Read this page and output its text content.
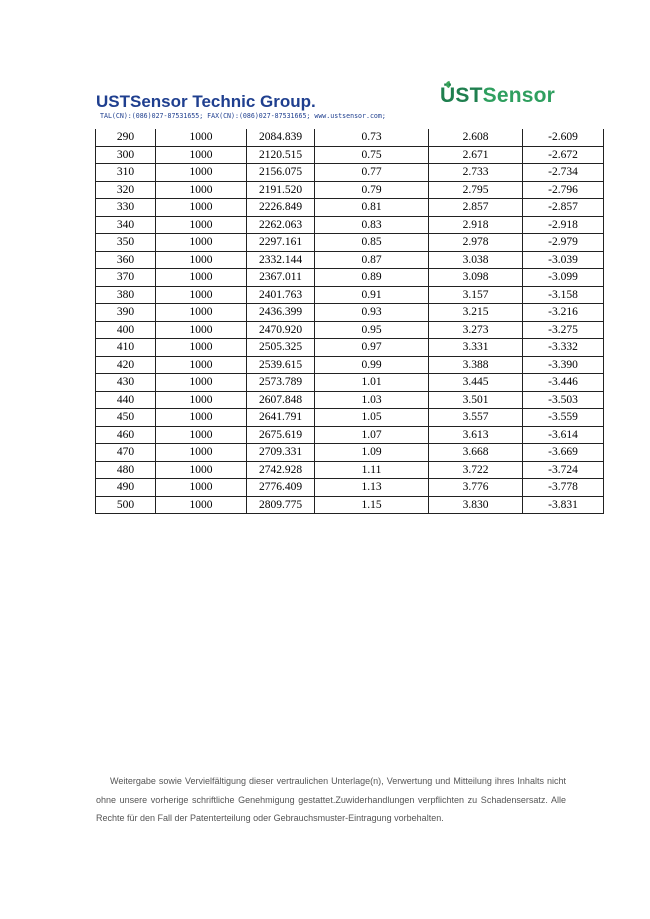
USTSensor Technic Group.
TAL(CN):(086)027-87531655; FAX(CN):(086)027-87531665; www.ustsensor.com;
ÜSTSensor
290	1000	2084.839	0.73	2.608	-2.609
300	1000	2120.515	0.75	2.671	-2.672
310	1000	2156.075	0.77	2.733	-2.734
320	1000	2191.520	0.79	2.795	-2.796
330	1000	2226.849	0.81	2.857	-2.857
340	1000	2262.063	0.83	2.918	-2.918
350	1000	2297.161	0.85	2.978	-2.979
360	1000	2332.144	0.87	3.038	-3.039
370	1000	2367.011	0.89	3.098	-3.099
380	1000	2401.763	0.91	3.157	-3.158
390	1000	2436.399	0.93	3.215	-3.216
400	1000	2470.920	0.95	3.273	-3.275
410	1000	2505.325	0.97	3.331	-3.332
420	1000	2539.615	0.99	3.388	-3.390
430	1000	2573.789	1.01	3.445	-3.446
440	1000	2607.848	1.03	3.501	-3.503
450	1000	2641.791	1.05	3.557	-3.559
460	1000	2675.619	1.07	3.613	-3.614
470	1000	2709.331	1.09	3.668	-3.669
480	1000	2742.928	1.11	3.722	-3.724
490	1000	2776.409	1.13	3.776	-3.778
500	1000	2809.775	1.15	3.830	-3.831
Weitergabe sowie Vervielfältigung dieser vertraulichen Unterlage(n), Verwertung und Mitteilung ihres Inhalts nicht ohne unsere vorherige schriftliche Genehmigung gestattet.Zuwiderhandlungen verpflichten zu Schadensersatz. Alle Rechte für den Fall der Patenterteilung oder Gebrauchsmuster-Eintragung vorbehalten.
